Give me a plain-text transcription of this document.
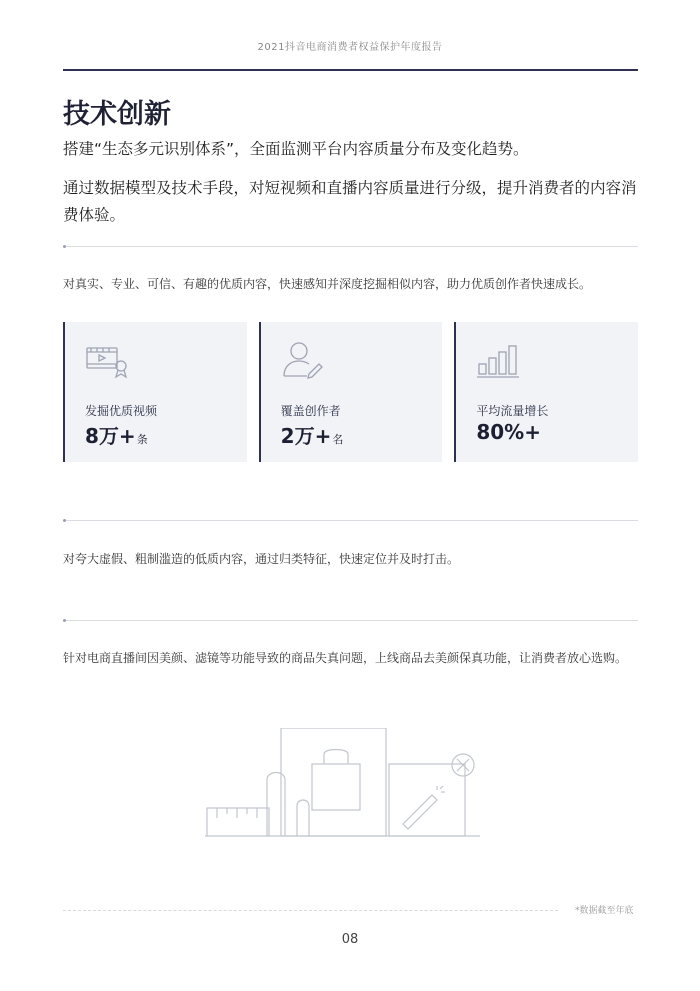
2021抖音电商消费者权益保护年度报告
技术创新

搭建“生态多元识别体系”，全面监测平台内容质量分布及变化趋势。

通过数据模型及技术手段，对短视频和直播内容质量进行分级，提升消费者的内容消费体验。

对真实、专业、可信、有趣的优质内容，快速感知并深度挖掘相似内容，助力优质创作者快速成长。

发掘优质视频
8万+条
覆盖创作者
2万+名
平均流量增长
80%+

对夸大虚假、粗制滥造的低质内容，通过归类特征，快速定位并及时打击。

针对电商直播间因美颜、滤镜等功能导致的商品失真问题，上线商品去美颜保真功能，让消费者放心选购。

*数据截至年底
08
